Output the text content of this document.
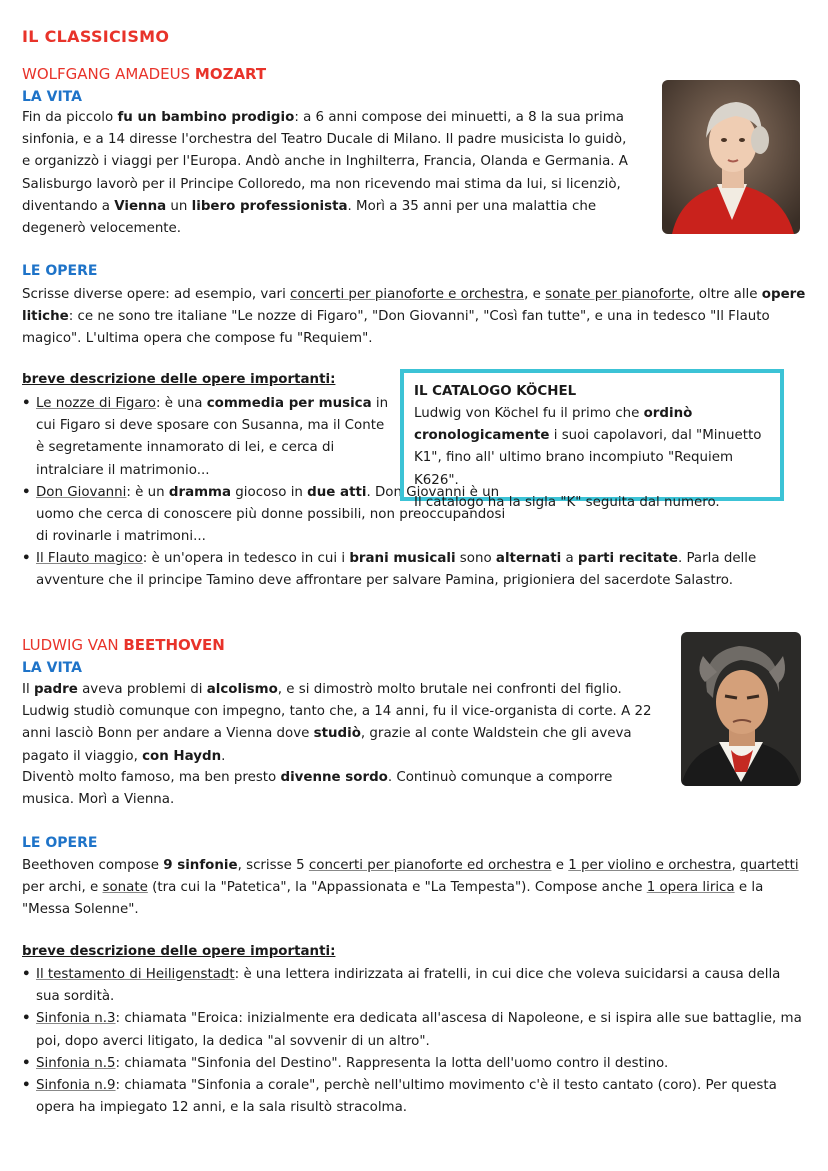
IL CLASSICISMO
WOLFGANG AMADEUS MOZART
LA VITA

Fin da piccolo fu un bambino prodigio: a 6 anni compose dei minuetti, a 8 la sua prima sinfonia, e a 14 diresse l'orchestra del Teatro Ducale di Milano. Il padre musicista lo guidò, e organizzò i viaggi per l'Europa. Andò anche in Inghilterra, Francia, Olanda e Germania. A Salisburgo lavorò per il Principe Colloredo, ma non ricevendo mai stima da lui, si licenziò, diventando a Vienna un libero professionista. Morì a 35 anni per una malattia che degenerò velocemente.

LE OPERE

Scrisse diverse opere: ad esempio, vari concerti per pianoforte e orchestra, e sonate per pianoforte, oltre alle opere litiche: ce ne sono tre italiane "Le nozze di Figaro", "Don Giovanni", "Così fan tutte", e una in tedesco "Il Flauto magico". L'ultima opera che compose fu "Requiem".

breve descrizione delle opere importanti:
• Le nozze di Figaro: è una commedia per musica in cui Figaro si deve sposare con Susanna, ma il Conte è segretamente innamorato di lei, e cerca di intralciare il matrimonio...
• Don Giovanni: è un dramma giocoso in due atti. Don Giovanni è un uomo che cerca di conoscere più donne possibili, non preoccupandosi di rovinarle i matrimoni...
• Il Flauto magico: è un'opera in tedesco in cui i brani musicali sono alternati a parti recitate. Parla delle avventure che il principe Tamino deve affrontare per salvare Pamina, prigioniera del sacerdote Salastro.
IL CATALOGO KÖCHEL

Ludwig von Köchel fu il primo che ordinò cronologicamente i suoi capolavori, dal "Minuetto K1", fino all' ultimo brano incompiuto "Requiem K626".

Il catalogo ha la sigla "K" seguita dal numero.

LUDWIG VAN BEETHOVEN
LA VITA

Il padre aveva problemi di alcolismo, e si dimostrò molto brutale nei confronti del figlio. Ludwig studiò comunque con impegno, tanto che, a 14 anni, fu il vice-organista di corte. A 22 anni lasciò Bonn per andare a Vienna dove studiò, grazie al conte Waldstein che gli aveva pagato il viaggio, con Haydn.

Diventò molto famoso, ma ben presto divenne sordo. Continuò comunque a comporre musica. Morì a Vienna.

LE OPERE

Beethoven compose 9 sinfonie, scrisse 5 concerti per pianoforte ed orchestra e 1 per violino e orchestra, quartetti per archi, e sonate (tra cui la "Patetica", la "Appassionata e "La Tempesta"). Compose anche 1 opera lirica e la "Messa Solenne".

breve descrizione delle opere importanti:
• Il testamento di Heiligenstadt: è una lettera indirizzata ai fratelli, in cui dice che voleva suicidarsi a causa della sua sordità.
• Sinfonia n.3: chiamata "Eroica: inizialmente era dedicata all'ascesa di Napoleone, e si ispira alle sue battaglie, ma poi, dopo averci litigato, la dedica "al sovvenir di un altro".
• Sinfonia n.5: chiamata "Sinfonia del Destino". Rappresenta la lotta dell'uomo contro il destino.
• Sinfonia n.9: chiamata "Sinfonia a corale", perchè nell'ultimo movimento c'è il testo cantato (coro). Per questa opera ha impiegato 12 anni, e la sala risultò stracolma.
